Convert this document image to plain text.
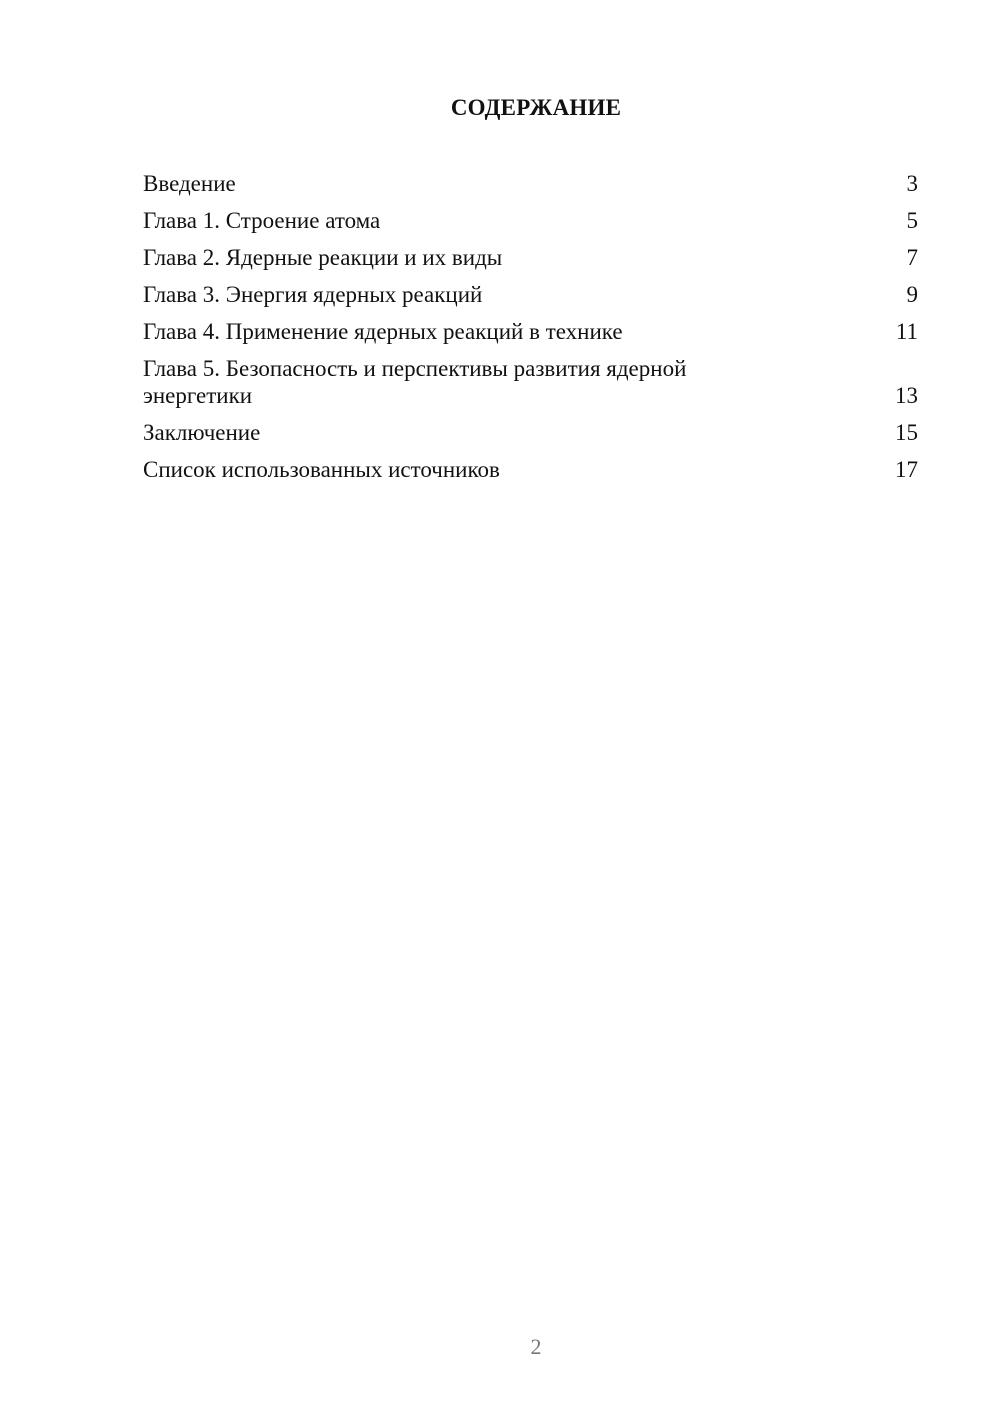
СОДЕРЖАНИЕ
Введение	3
Глава 1. Строение атома	5
Глава 2. Ядерные реакции и их виды	7
Глава 3. Энергия ядерных реакций	9
Глава 4. Применение ядерных реакций в технике	11
Глава 5. Безопасность и перспективы развития ядерной энергетики	13
Заключение	15
Список использованных источников	17
2
